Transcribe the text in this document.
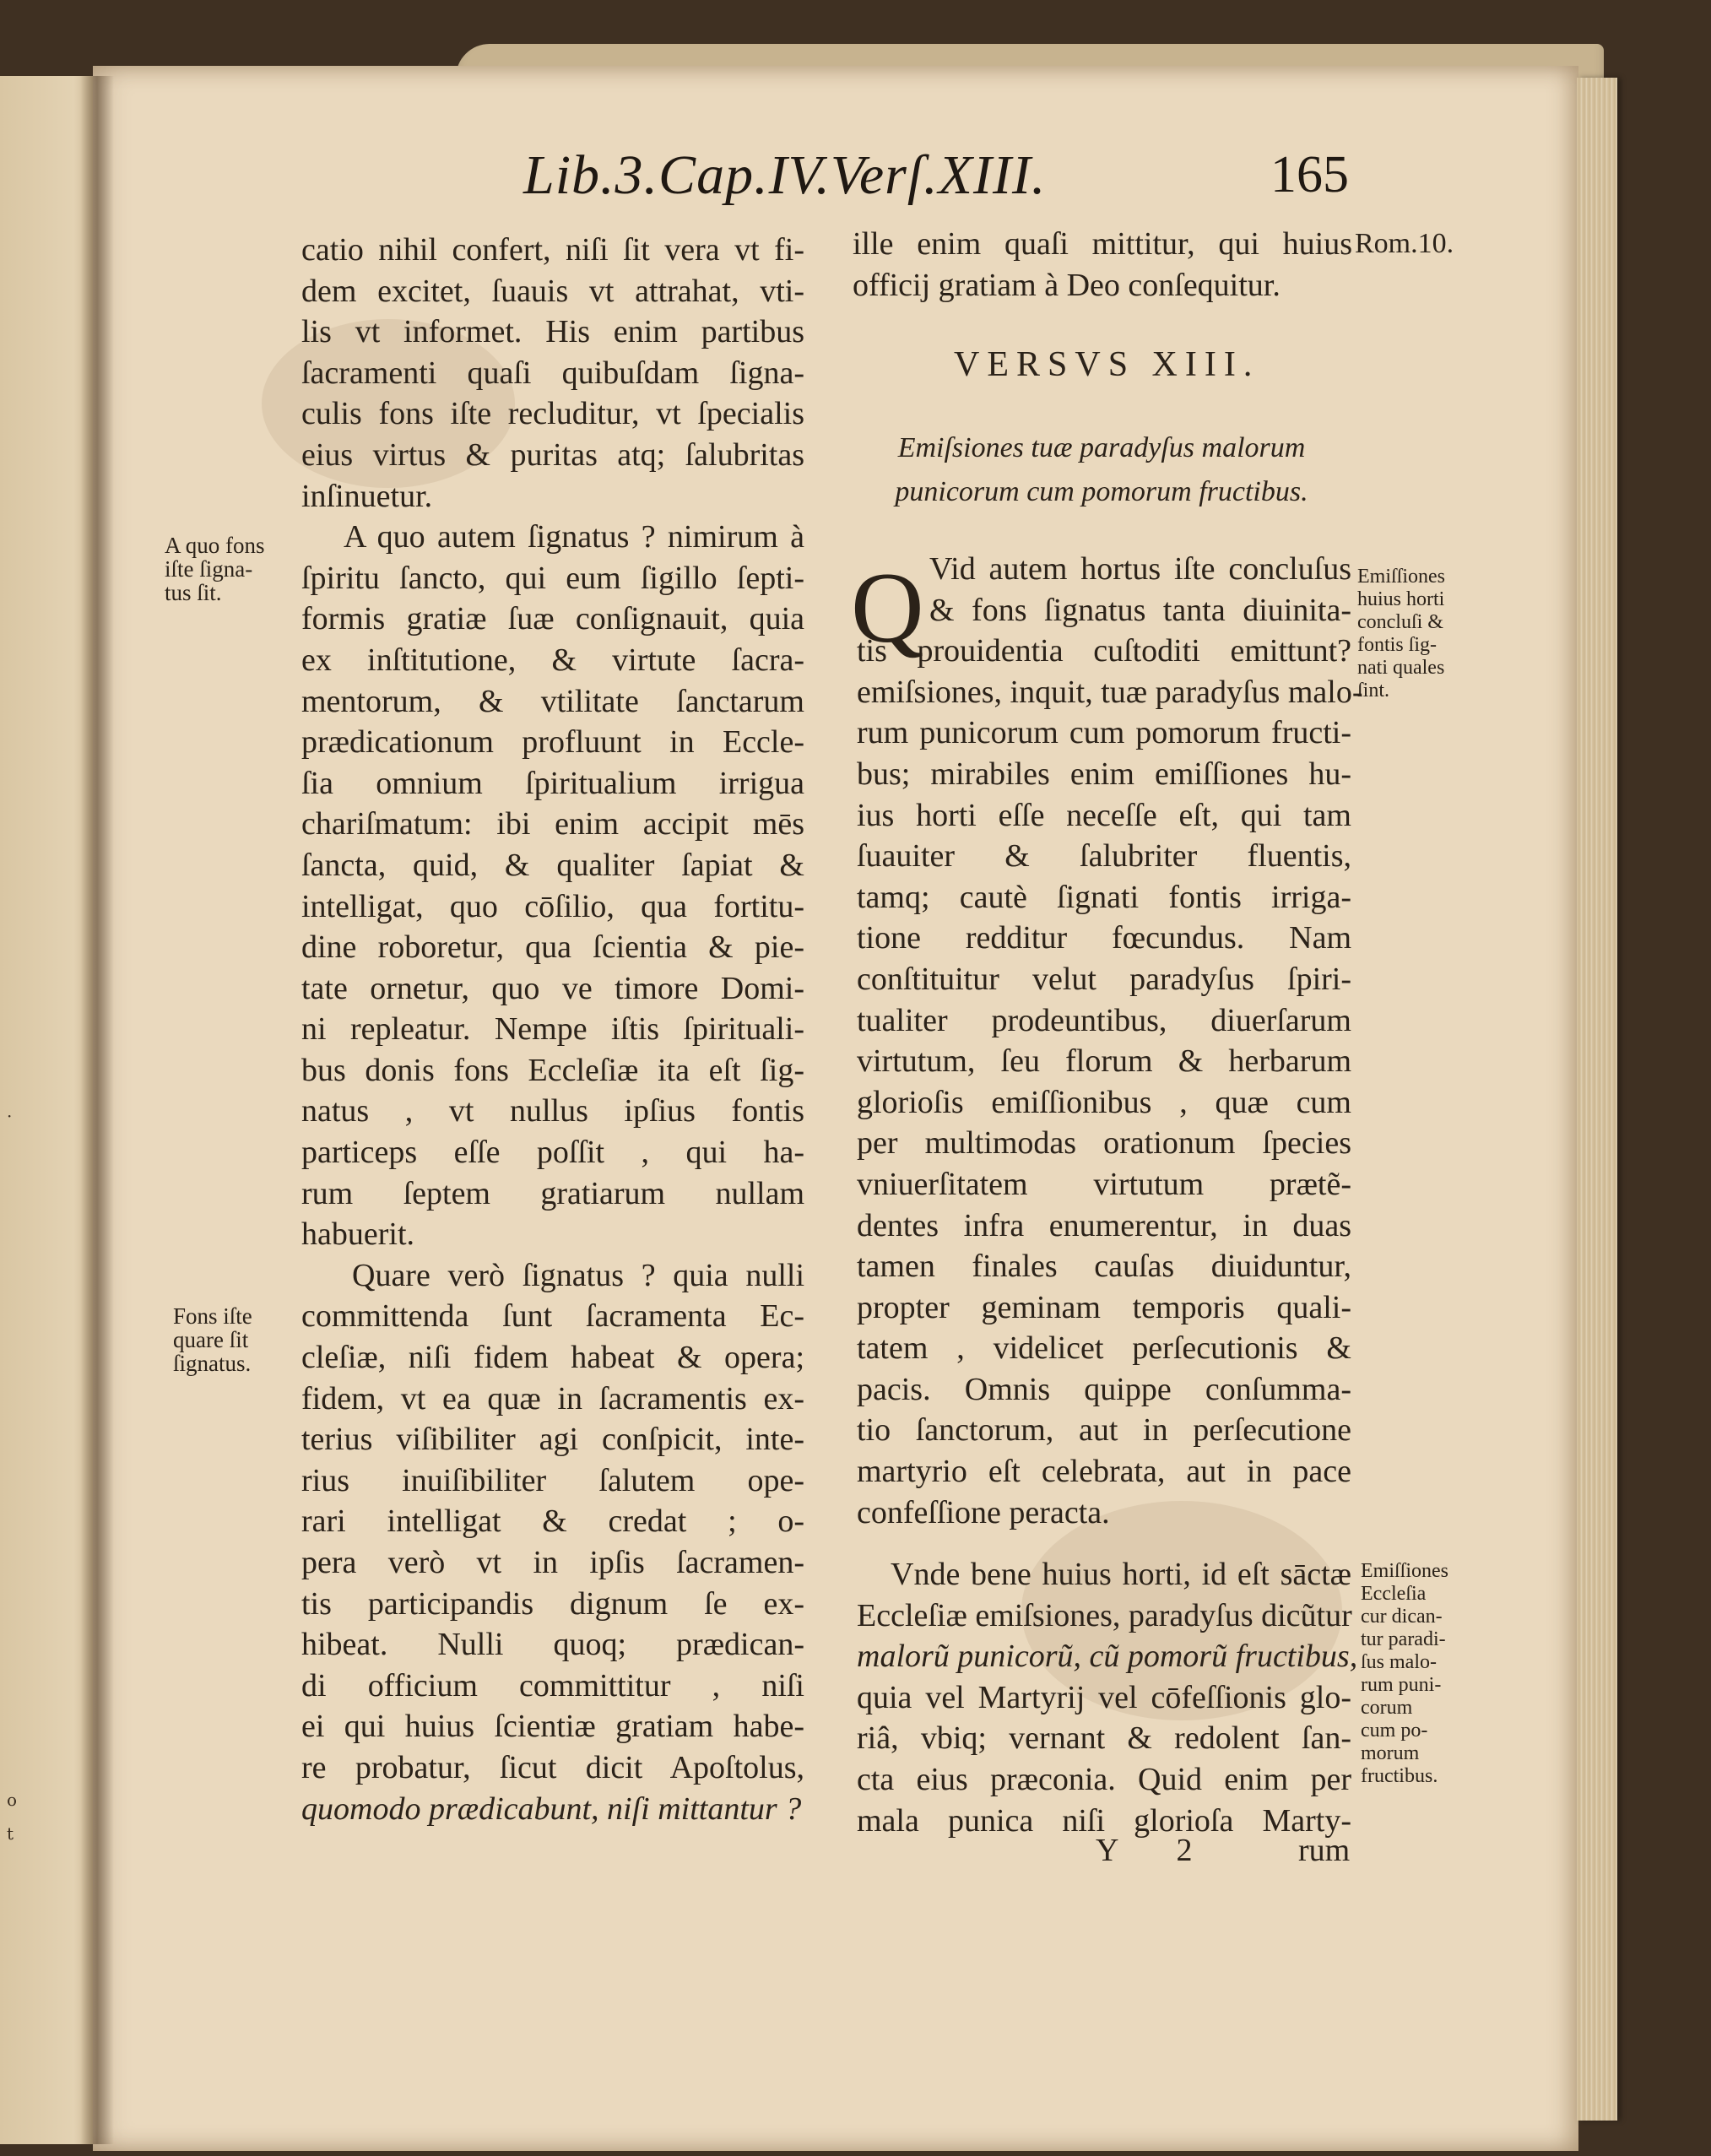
·
o
t
Lib.3.Cap.IV.Verſ.XIII.	165
catio nihil confert, niſi ſit vera vt fi-
dem excitet, ſuauis vt attrahat, vti-
lis vt informet. His enim partibus
ſacramenti quaſi quibuſdam ſigna-
culis fons iſte recluditur, vt ſpecialis
eius virtus & puritas atq; ſalubritas
inſinuetur.
A quo autem ſignatus ? nimirum à
ſpiritu ſancto, qui eum ſigillo ſepti-
formis gratiæ ſuæ conſignauit, quia
ex inſtitutione, & virtute ſacra-
mentorum, & vtilitate ſanctarum
prædicationum profluunt in Eccle-
ſia omnium ſpiritualium irrigua
chariſmatum: ibi enim accipit mēs
ſancta, quid, & qualiter ſapiat &
intelligat, quo cōſilio, qua fortitu-
dine roboretur, qua ſcientia & pie-
tate ornetur, quo ve timore Domi-
ni repleatur. Nempe iſtis ſpirituali-
bus donis fons Eccleſiæ ita eſt ſig-
natus , vt nullus ipſius fontis
particeps eſſe poſſit , qui ha-
rum ſeptem gratiarum nullam
habuerit.
Quare verò ſignatus ? quia nulli
committenda ſunt ſacramenta Ec-
cleſiæ, niſi fidem habeat & opera;
fidem, vt ea quæ in ſacramentis ex-
terius viſibiliter agi conſpicit, inte-
rius inuiſibiliter ſalutem ope-
rari intelligat & credat ; o-
pera verò vt in ipſis ſacramen-
tis participandis dignum ſe ex-
hibeat. Nulli quoq; prædican-
di officium committitur , niſi
ei qui huius ſcientiæ gratiam habe-
re probatur, ſicut dicit Apoſtolus,
quomodo prædicabunt, niſi mittantur ?
A quo fons
iſte ſigna-
tus ſit.
Fons iſte
quare ſit
ſignatus.
ille enim quaſi mittitur, qui huius
officij gratiam à Deo conſequitur.
Rom.10.
VERSVS XIII.
Emiſsiones tuæ paradyſus malorum
punicorum cum pomorum fructibus.
Q Vid autem hortus iſte concluſus
& fons ſignatus tanta diuinita-
tis prouidentia cuſtoditi emittunt?
emiſsiones, inquit, tuæ paradyſus malo-
rum punicorum cum pomorum fructi-
bus; mirabiles enim emiſſiones hu-
ius horti eſſe neceſſe eſt, qui tam
ſuauiter & ſalubriter fluentis,
tamq; cautè ſignati fontis irriga-
tione redditur fœcundus. Nam
conſtituitur velut paradyſus ſpiri-
tualiter prodeuntibus, diuerſarum
virtutum, ſeu florum & herbarum
glorioſis emiſſionibus , quæ cum
per multimodas orationum ſpecies
vniuerſitatem virtutum prætẽ-
dentes infra enumerentur, in duas
tamen finales cauſas diuiduntur,
propter geminam temporis quali-
tatem , videlicet perſecutionis &
pacis. Omnis quippe conſumma-
tio ſanctorum, aut in perſecutione
martyrio eſt celebrata, aut in pace
confeſſione peracta.
Vnde bene huius horti, id eſt sāctæ
Eccleſiæ emiſsiones, paradyſus dicũtur
malorũ punicorũ, cũ pomorũ fructibus,
quia vel Martyrij vel cōfeſſionis glo-
riâ, vbiq; vernant & redolent ſan-
cta eius præconia. Quid enim per
mala punica niſi glorioſa Marty-
Emiſſiones
huius horti
concluſi &
fontis ſig-
nati quales
ſint.
Emiſſiones
Eccleſia
cur dican-
tur paradi-
ſus malo-
rum puni-
corum
cum po-
morum
fructibus.
Y 2	rum
